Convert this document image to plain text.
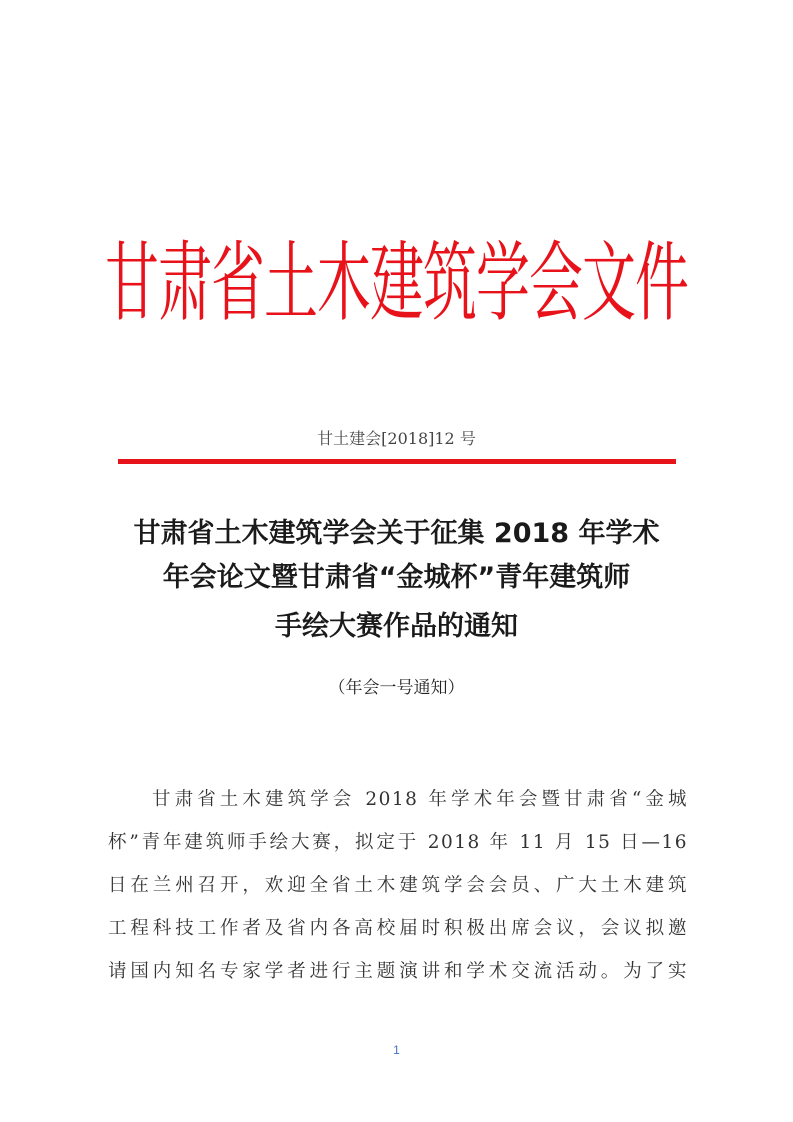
甘肃省土木建筑学会文件
甘土建会[2018]12 号
甘肃省土木建筑学会关于征集 2018 年学术
年会论文暨甘肃省“金城杯”青年建筑师
手绘大赛作品的通知
（年会一号通知）
甘肃省土木建筑学会 2018 年学术年会暨甘肃省“金城
杯”青年建筑师手绘大赛，拟定于 2018 年 11 月 15 日—16
日在兰州召开，欢迎全省土木建筑学会会员、广大土木建筑
工程科技工作者及省内各高校届时积极出席会议，会议拟邀
请国内知名专家学者进行主题演讲和学术交流活动。为了实
1
